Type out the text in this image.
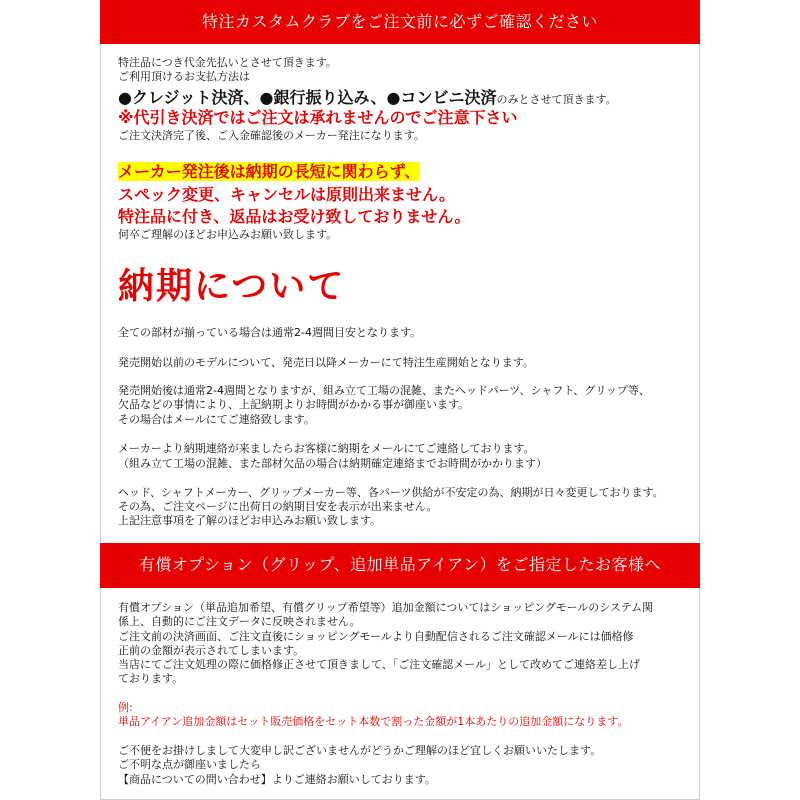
特注カスタムクラブをご注文前に必ずご確認ください
特注品につき代金先払いとさせて頂きます。
ご利用頂けるお支払方法は
●クレジット決済、●銀行振り込み、●コンビニ決済のみとさせて頂きます。
※代引き決済ではご注文は承れませんのでご注意下さい
ご注文決済完了後、ご入金確認後のメーカー発注になります。
メーカー発注後は納期の長短に関わらず、
スペック変更、キャンセルは原則出来ません。
特注品に付き、返品はお受け致しておりません。
何卒ご理解のほどお申込みお願い致します。
納期について
全ての部材が揃っている場合は通常2-4週間目安となります。
発売開始以前のモデルについて、発売日以降メーカーにて特注生産開始となります。
発売開始後は通常2-4週間となりますが、組み立て工場の混雑、またヘッドパーツ、シャフト、グリップ等、
欠品などの事情により、上記納期よりお時間がかかる事が御座います。
その場合はメールにてご連絡致します。
メーカーより納期連絡が来ましたらお客様に納期をメールにてご連絡しております。
（組み立て工場の混雑、また部材欠品の場合は納期確定連絡までお時間がかかります）
ヘッド、シャフトメーカー、グリップメーカー等、各パーツ供給が不安定の為、納期が日々変更しております。
その為、ご注文ページに出荷日の納期目安を表示が出来ません。
上記注意事項を了解のほどお申込みお願い致します。
有償オプション（グリップ、追加単品アイアン）をご指定したお客様へ
有償オプション（単品追加希望、有償グリップ希望等）追加金額についてはショッピングモールのシステム関
係上、自動的にご注文データに反映されません。
ご注文前の決済画面、ご注文直後にショッピングモールより自動配信されるご注文確認メールには価格修
正前の金額が表示されてしまいます。
当店にてご注文処理の際に価格修正させて頂きまして、「ご注文確認メール」として改めてご連絡差し上げ
ております。
例:
単品アイアン追加金額はセット販売価格をセット本数で割った金額が1本あたりの追加金額になります。
ご不便をお掛けしまして大変申し訳ございませんがどうかご理解のほど宜しくお願いいたします。
ご不明な点が御座いましたら
【商品についての問い合わせ】よりご連絡お願いしております。
